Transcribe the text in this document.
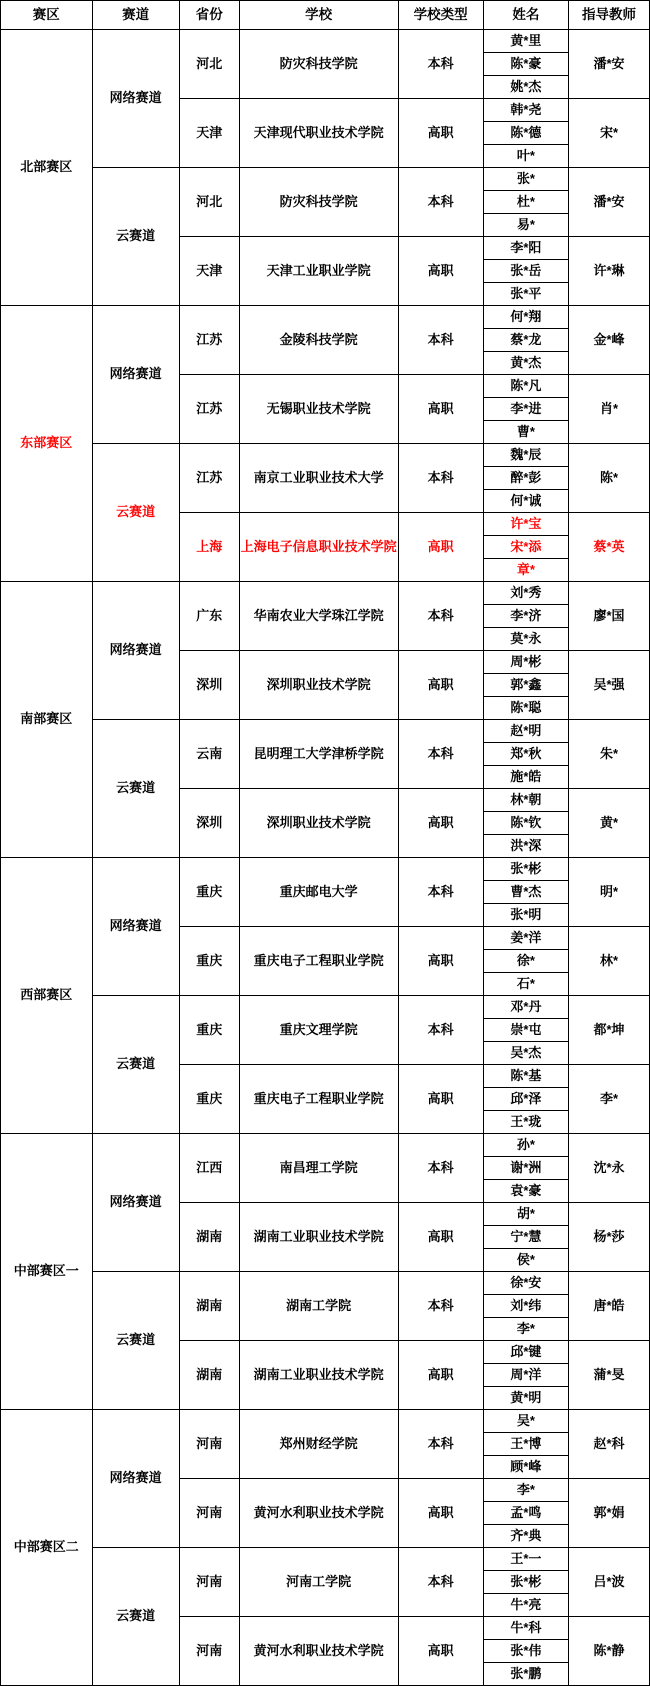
赛区	赛道	省份	学校	学校类型	姓名	指导教师
北部赛区	网络赛道	河北	防灾科技学院	本科	黄*里	潘*安
					陈*豪	
					姚*杰	
		天津	天津现代职业技术学院	高职	韩*尧	宋*
					陈*德	
					叶*	
	云赛道	河北	防灾科技学院	本科	张*	潘*安
					杜*	
					易*	
		天津	天津工业职业学院	高职	李*阳	许*琳
					张*岳	
					张*平	
东部赛区	网络赛道	江苏	金陵科技学院	本科	何*翔	金*峰
					蔡*龙	
					黄*杰	
		江苏	无锡职业技术学院	高职	陈*凡	肖*
					李*进	
					曹*	
	云赛道	江苏	南京工业职业技术大学	本科	魏*辰	陈*
					醉*彭	
					何*诚	
		上海	上海电子信息职业技术学院	高职	许*宝	蔡*英
					宋*添	
					章*	
南部赛区	网络赛道	广东	华南农业大学珠江学院	本科	刘*秀	廖*国
					李*济	
					莫*永	
		深圳	深圳职业技术学院	高职	周*彬	吴*强
					郭*鑫	
					陈*聪	
	云赛道	云南	昆明理工大学津桥学院	本科	赵*明	朱*
					郑*秋	
					施*皓	
		深圳	深圳职业技术学院	高职	林*朝	黄*
					陈*钦	
					洪*深	
西部赛区	网络赛道	重庆	重庆邮电大学	本科	张*彬	明*
					曹*杰	
					张*明	
		重庆	重庆电子工程职业学院	高职	姜*洋	林*
					徐*	
					石*	
	云赛道	重庆	重庆文理学院	本科	邓*丹	都*坤
					崇*屯	
					吴*杰	
		重庆	重庆电子工程职业学院	高职	陈*基	李*
					邱*泽	
					王*珑	
中部赛区一	网络赛道	江西	南昌理工学院	本科	孙*	沈*永
					谢*洲	
					袁*豪	
		湖南	湖南工业职业技术学院	高职	胡*	杨*莎
					宁*慧	
					侯*	
	云赛道	湖南	湖南工学院	本科	徐*安	唐*皓
					刘*纬	
					李*	
		湖南	湖南工业职业技术学院	高职	邱*键	蒲*旻
					周*洋	
					黄*明	
中部赛区二	网络赛道	河南	郑州财经学院	本科	吴*	赵*科
					王*博	
					顾*峰	
		河南	黄河水利职业技术学院	高职	李*	郭*娟
					孟*鸣	
					齐*典	
	云赛道	河南	河南工学院	本科	王*一	吕*波
					张*彬	
					牛*亮	
		河南	黄河水利职业技术学院	高职	牛*科	陈*静
					张*伟	
					张*鹏	
